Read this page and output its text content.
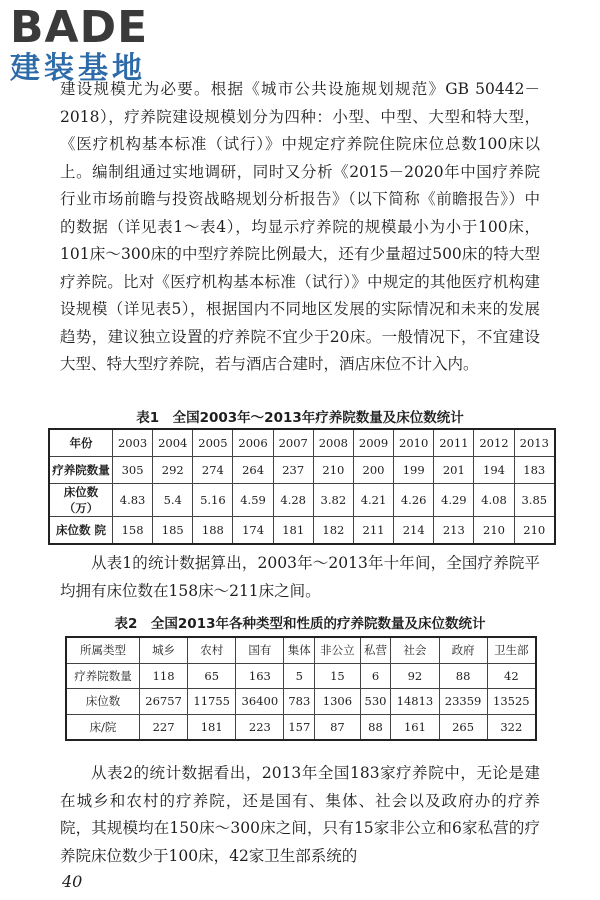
BADE
建装基地

建设规模尤为必要。根据《城市公共设施规划规范》GB 50442－2018），疗养院建设规模划分为四种：小型、中型、大型和特大型，《医疗机构基本标准（试行）》中规定疗养院住院床位总数100床以上。编制组通过实地调研，同时又分析《2015－2020年中国疗养院行业市场前瞻与投资战略规划分析报告》（以下简称《前瞻报告》）中的数据（详见表1～表4），均显示疗养院的规模最小为小于100床，101床～300床的中型疗养院比例最大，还有少量超过500床的特大型疗养院。比对《医疗机构基本标准（试行）》中规定的其他医疗机构建设规模（详见表5），根据国内不同地区发展的实际情况和未来的发展趋势，建议独立设置的疗养院不宜少于20床。一般情况下，不宜建设大型、特大型疗养院，若与酒店合建时，酒店床位不计入内。

表1　全国2003年～2013年疗养院数量及床位数统计
年份	2003	2004	2005	2006	2007	2008	2009	2010	2011	2012	2013
疗养院数量	305	292	274	264	237	210	200	199	201	194	183
床位数（万）	4.83	5.4	5.16	4.59	4.28	3.82	4.21	4.26	4.29	4.08	3.85
床位数 院	158	185	188	174	181	182	211	214	213	210	210

从表1的统计数据算出，2003年～2013年十年间，全国疗养院平均拥有床位数在158床～211床之间。

表2　全国2013年各种类型和性质的疗养院数量及床位数统计
所属类型	城乡	农村	国有	集体	非公立	私营	社会	政府	卫生部
疗养院数量	118	65	163	5	15	6	92	88	42
床位数	26757	11755	36400	783	1306	530	14813	23359	13525
床/院	227	181	223	157	87	88	161	265	322

从表2的统计数据看出，2013年全国183家疗养院中，无论是建在城乡和农村的疗养院，还是国有、集体、社会以及政府办的疗养院，其规模均在150床～300床之间，只有15家非公立和6家私营的疗养院床位数少于100床，42家卫生部系统的

40
